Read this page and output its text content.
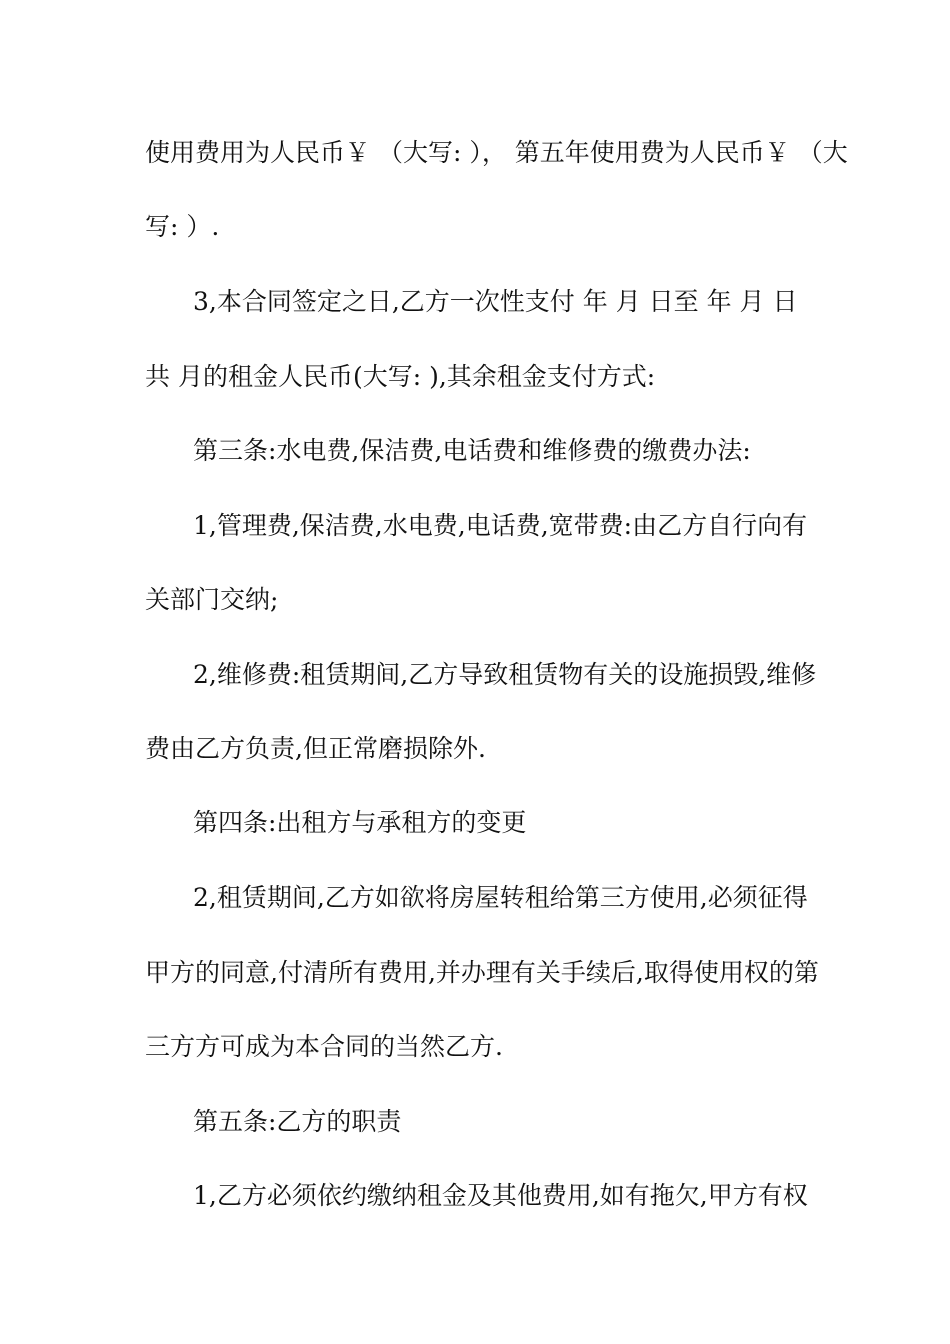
使用费用为人民币￥ （大写: ）， 第五年使用费为人民币￥ （大
写: ）.
3,本合同签定之日,乙方一次性支付 年 月 日至 年 月 日
共 月的租金人民币(大写: ),其余租金支付方式:
第三条:水电费,保洁费,电话费和维修费的缴费办法:
1,管理费,保洁费,水电费,电话费,宽带费:由乙方自行向有
关部门交纳;
2,维修费:租赁期间,乙方导致租赁物有关的设施损毁,维修
费由乙方负责,但正常磨损除外.
第四条:出租方与承租方的变更
2,租赁期间,乙方如欲将房屋转租给第三方使用,必须征得
甲方的同意,付清所有费用,并办理有关手续后,取得使用权的第
三方方可成为本合同的当然乙方.
第五条:乙方的职责
1,乙方必须依约缴纳租金及其他费用,如有拖欠,甲方有权
